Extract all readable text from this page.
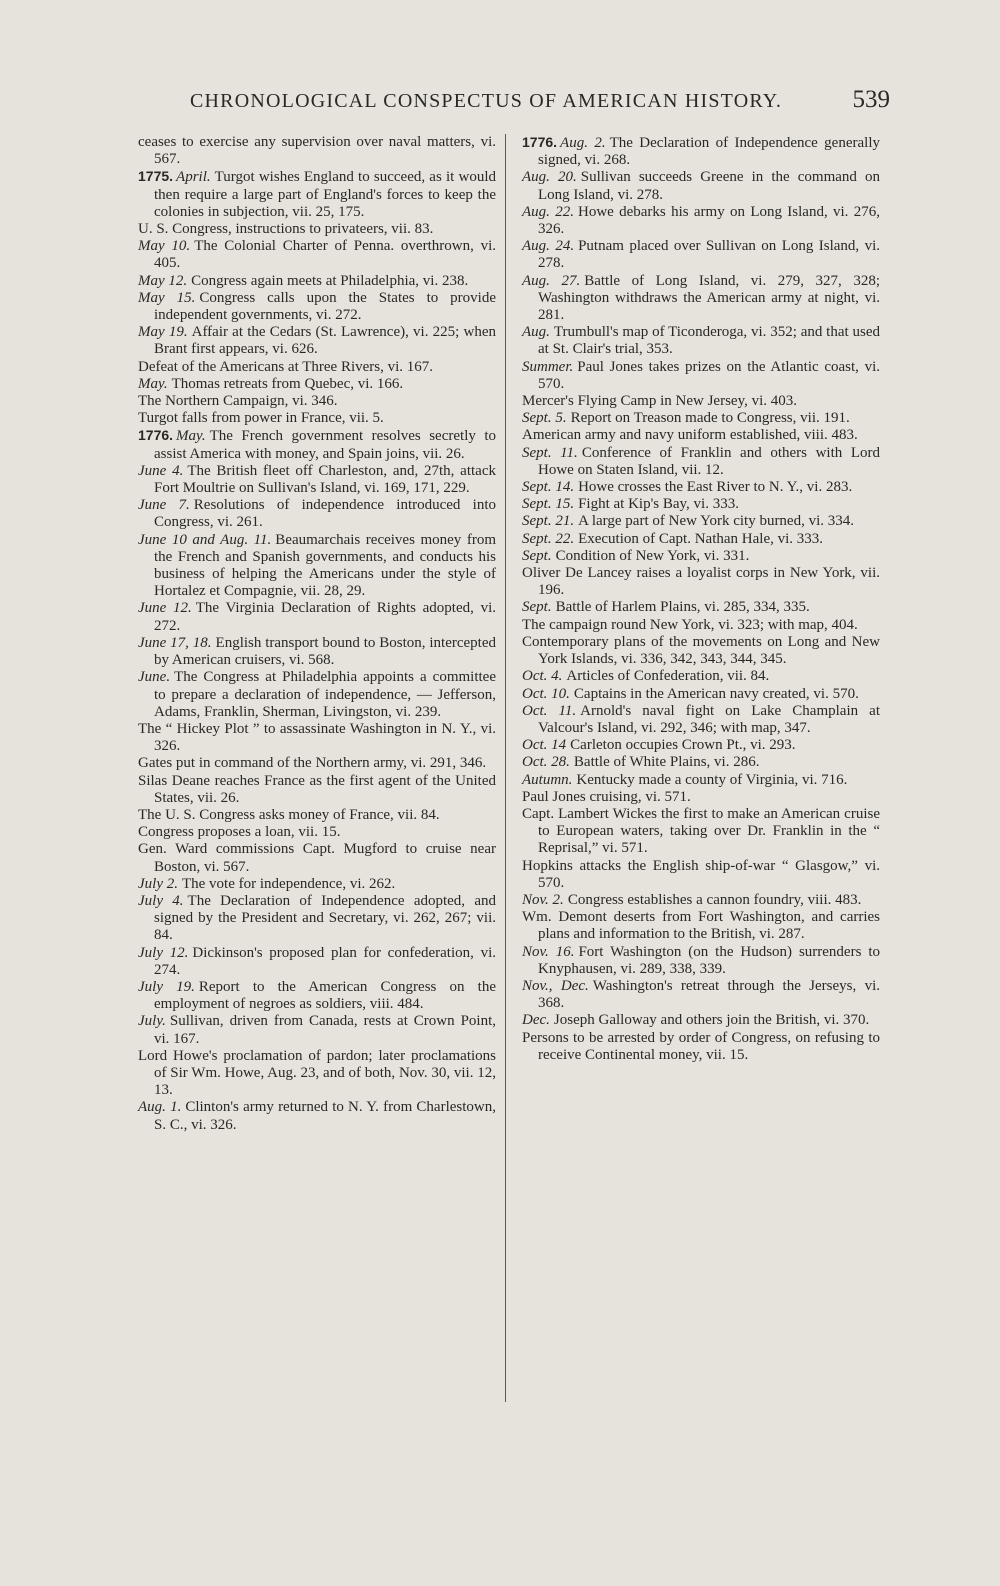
CHRONOLOGICAL CONSPECTUS OF AMERICAN HISTORY.	539

ceases to exercise any supervision over naval matters, vi. 567.

1775. April. Turgot wishes England to succeed, as it would then require a large part of England's forces to keep the colonies in subjection, vii. 25, 175.

U. S. Congress, instructions to privateers, vii. 83.

May 10. The Colonial Charter of Penna. overthrown, vi. 405.

May 12. Congress again meets at Philadelphia, vi. 238.

May 15. Congress calls upon the States to provide independent governments, vi. 272.

May 19. Affair at the Cedars (St. Lawrence), vi. 225; when Brant first appears, vi. 626.

Defeat of the Americans at Three Rivers, vi. 167.

May. Thomas retreats from Quebec, vi. 166.

The Northern Campaign, vi. 346.

Turgot falls from power in France, vii. 5.

1776. May. The French government resolves secretly to assist America with money, and Spain joins, vii. 26.

June 4. The British fleet off Charleston, and, 27th, attack Fort Moultrie on Sullivan's Island, vi. 169, 171, 229.

June 7. Resolutions of independence introduced into Congress, vi. 261.

June 10 and Aug. 11. Beaumarchais receives money from the French and Spanish governments, and conducts his business of helping the Americans under the style of Hortalez et Compagnie, vii. 28, 29.

June 12. The Virginia Declaration of Rights adopted, vi. 272.

June 17, 18. English transport bound to Boston, intercepted by American cruisers, vi. 568.

June. The Congress at Philadelphia appoints a committee to prepare a declaration of independence, — Jefferson, Adams, Franklin, Sherman, Livingston, vi. 239.

The “ Hickey Plot ” to assassinate Washington in N. Y., vi. 326.

Gates put in command of the Northern army, vi. 291, 346.

Silas Deane reaches France as the first agent of the United States, vii. 26.

The U. S. Congress asks money of France, vii. 84.

Congress proposes a loan, vii. 15.

Gen. Ward commissions Capt. Mugford to cruise near Boston, vi. 567.

July 2. The vote for independence, vi. 262.

July 4. The Declaration of Independence adopted, and signed by the President and Secretary, vi. 262, 267; vii. 84.

July 12. Dickinson's proposed plan for confederation, vi. 274.

July 19. Report to the American Congress on the employment of negroes as soldiers, viii. 484.

July. Sullivan, driven from Canada, rests at Crown Point, vi. 167.

Lord Howe's proclamation of pardon; later proclamations of Sir Wm. Howe, Aug. 23, and of both, Nov. 30, vii. 12, 13.

Aug. 1. Clinton's army returned to N. Y. from Charlestown, S. C., vi. 326.

1776. Aug. 2. The Declaration of Independence generally signed, vi. 268.

Aug. 20. Sullivan succeeds Greene in the command on Long Island, vi. 278.

Aug. 22. Howe debarks his army on Long Island, vi. 276, 326.

Aug. 24. Putnam placed over Sullivan on Long Island, vi. 278.

Aug. 27. Battle of Long Island, vi. 279, 327, 328; Washington withdraws the American army at night, vi. 281.

Aug. Trumbull's map of Ticonderoga, vi. 352; and that used at St. Clair's trial, 353.

Summer. Paul Jones takes prizes on the Atlantic coast, vi. 570.

Mercer's Flying Camp in New Jersey, vi. 403.

Sept. 5. Report on Treason made to Congress, vii. 191.

American army and navy uniform established, viii. 483.

Sept. 11. Conference of Franklin and others with Lord Howe on Staten Island, vii. 12.

Sept. 14. Howe crosses the East River to N. Y., vi. 283.

Sept. 15. Fight at Kip's Bay, vi. 333.

Sept. 21. A large part of New York city burned, vi. 334.

Sept. 22. Execution of Capt. Nathan Hale, vi. 333.

Sept. Condition of New York, vi. 331.

Oliver De Lancey raises a loyalist corps in New York, vii. 196.

Sept. Battle of Harlem Plains, vi. 285, 334, 335.

The campaign round New York, vi. 323; with map, 404.

Contemporary plans of the movements on Long and New York Islands, vi. 336, 342, 343, 344, 345.

Oct. 4. Articles of Confederation, vii. 84.

Oct. 10. Captains in the American navy created, vi. 570.

Oct. 11. Arnold's naval fight on Lake Champlain at Valcour's Island, vi. 292, 346; with map, 347.

Oct. 14 Carleton occupies Crown Pt., vi. 293.

Oct. 28. Battle of White Plains, vi. 286.

Autumn. Kentucky made a county of Virginia, vi. 716.

Paul Jones cruising, vi. 571.

Capt. Lambert Wickes the first to make an American cruise to European waters, taking over Dr. Franklin in the “ Reprisal,” vi. 571.

Hopkins attacks the English ship-of-war “ Glasgow,” vi. 570.

Nov. 2. Congress establishes a cannon foundry, viii. 483.

Wm. Demont deserts from Fort Washington, and carries plans and information to the British, vi. 287.

Nov. 16. Fort Washington (on the Hudson) surrenders to Knyphausen, vi. 289, 338, 339.

Nov., Dec. Washington's retreat through the Jerseys, vi. 368.

Dec. Joseph Galloway and others join the British, vi. 370.

Persons to be arrested by order of Congress, on refusing to receive Continental money, vii. 15.
